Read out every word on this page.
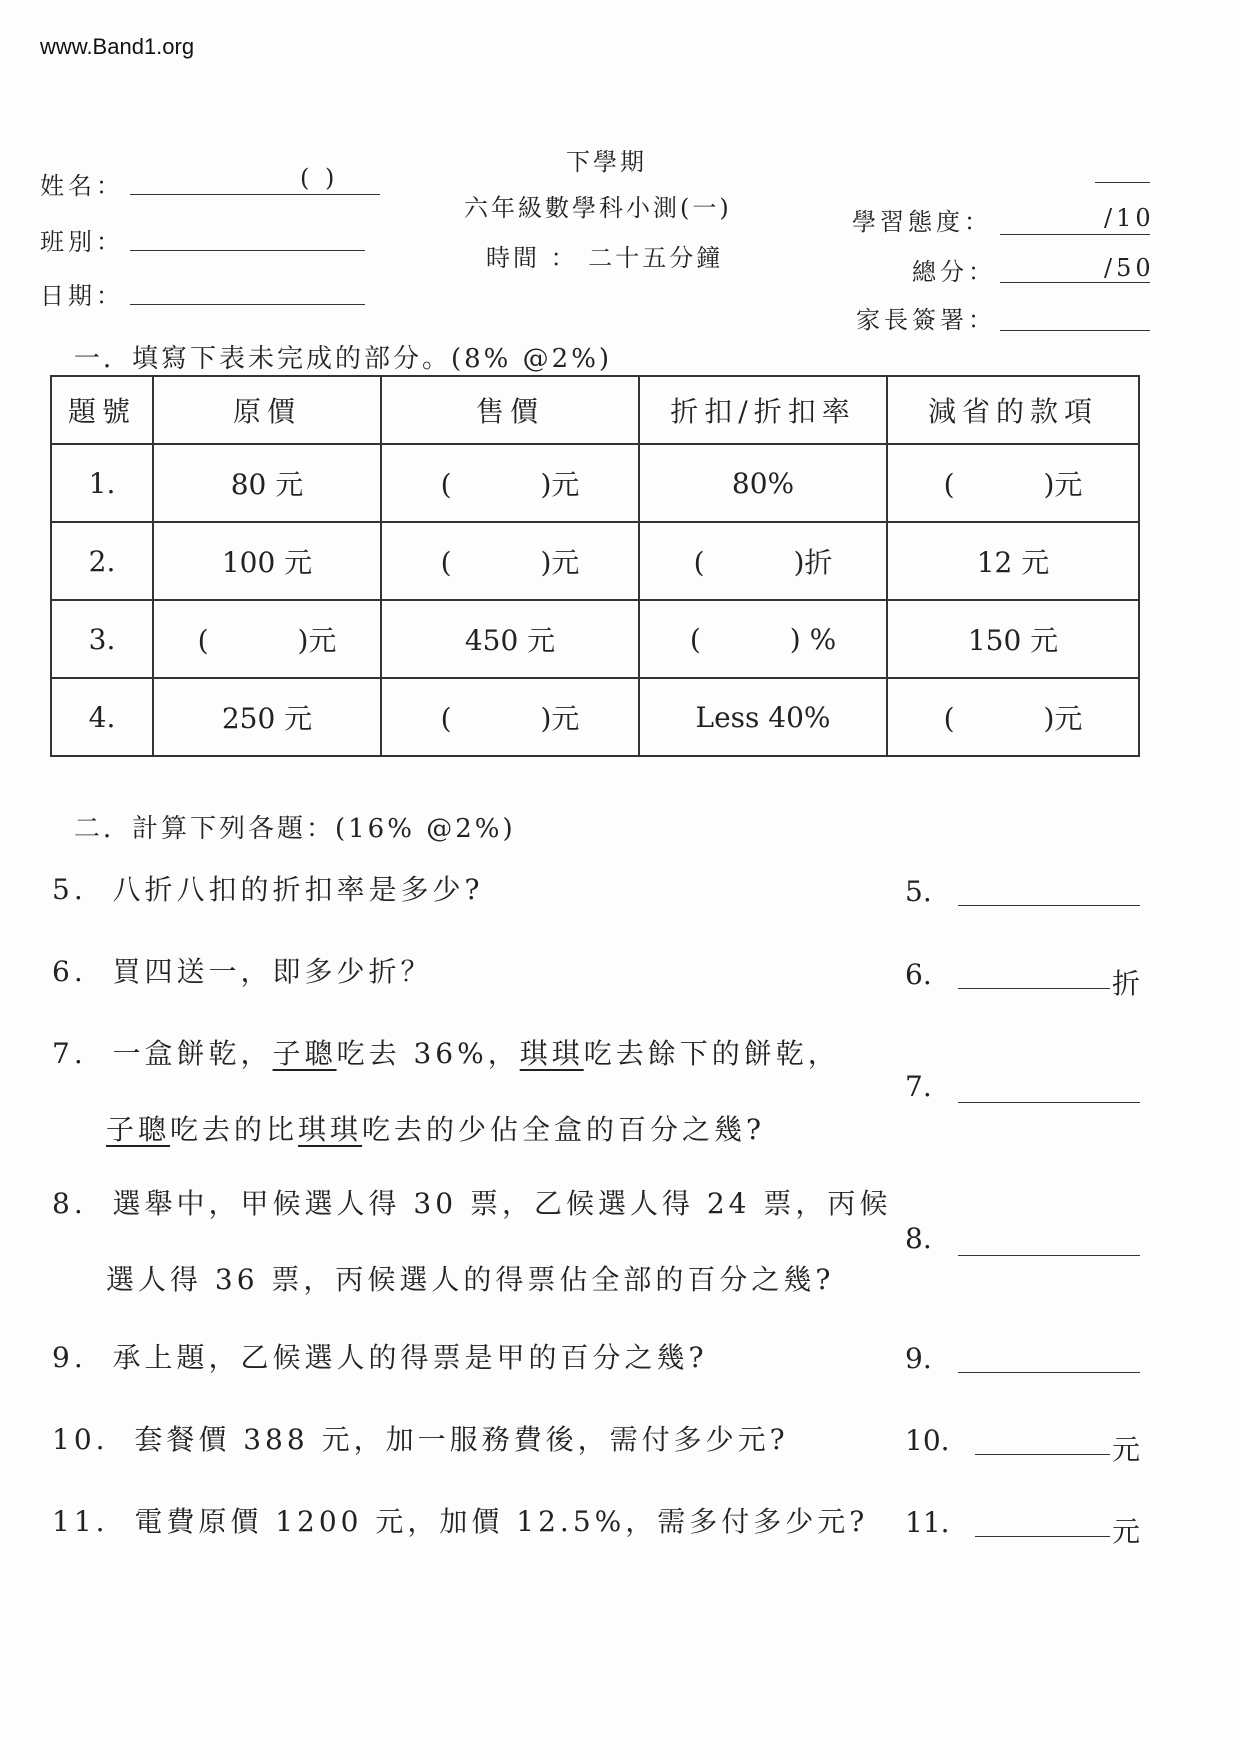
www.Band1.org
姓名：	( )
班別：
日期：
下學期
六年級數學科小測(一)
時間 ： 二十五分鐘
學習態度：	/10
總分：	/50
家長簽署：
一．填寫下表未完成的部分。(8% @2%)
題號	原價	售價	折扣/折扣率	減省的款項
1.	80 元	(          )元	80%	(          )元
2.	100 元	(          )元	(          )折	12 元
3.	(          )元	450 元	(          ) %	150 元
4.	250 元	(          )元	Less 40%	(          )元
二．計算下列各題：(16% @2%)
5.  八折八扣的折扣率是多少?	5.
6.  買四送一，即多少折？	6.	折
7. 一盒餅乾，子聰吃去 36%，琪琪吃去餘下的餅乾，
子聰吃去的比琪琪吃去的少佔全盒的百分之幾?
7.
8.  選舉中，甲候選人得 30 票，乙候選人得 24 票，丙候
選人得 36 票，丙候選人的得票佔全部的百分之幾?
8.
9.  承上題，乙候選人的得票是甲的百分之幾?	9.
10.  套餐價 388 元，加一服務費後，需付多少元?	10.	元
11.  電費原價 1200 元，加價 12.5%，需多付多少元? 11.	元
